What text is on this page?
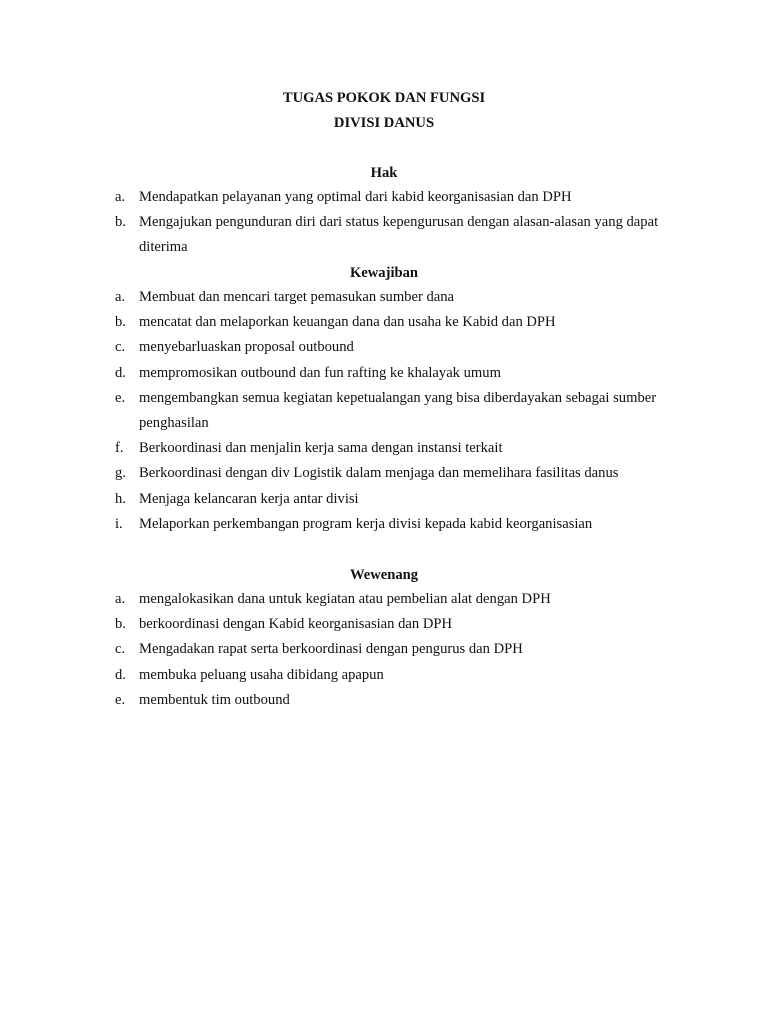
TUGAS POKOK DAN FUNGSI
DIVISI DANUS
Hak
a. Mendapatkan pelayanan yang optimal dari kabid keorganisasian dan DPH
b. Mengajukan pengunduran diri dari status kepengurusan dengan alasan-alasan yang dapat diterima
Kewajiban
a. Membuat dan mencari target pemasukan sumber dana
b. mencatat dan melaporkan keuangan dana dan usaha ke Kabid dan DPH
c. menyebarluaskan proposal outbound
d. mempromosikan outbound dan fun rafting ke khalayak umum
e. mengembangkan semua kegiatan kepetualangan yang bisa diberdayakan sebagai sumber penghasilan
f. Berkoordinasi dan menjalin kerja sama dengan instansi terkait
g. Berkoordinasi dengan div Logistik dalam menjaga dan memelihara fasilitas danus
h. Menjaga kelancaran kerja antar divisi
i. Melaporkan perkembangan program kerja divisi kepada kabid keorganisasian
Wewenang
a. mengalokasikan dana untuk kegiatan atau pembelian alat dengan DPH
b. berkoordinasi dengan Kabid keorganisasian dan DPH
c. Mengadakan rapat serta berkoordinasi dengan pengurus dan DPH
d. membuka peluang usaha dibidang apapun
e. membentuk tim outbound
